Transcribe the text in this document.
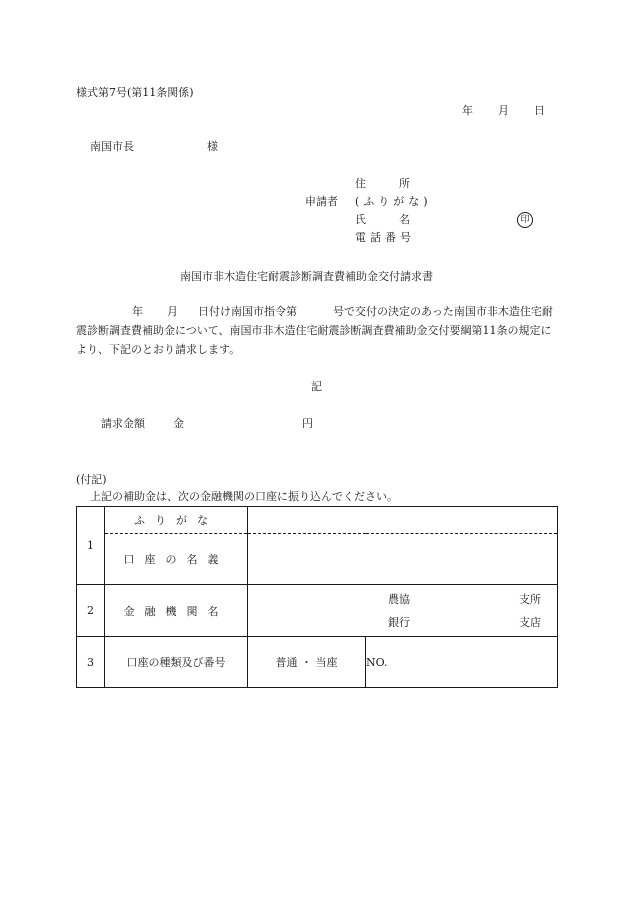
様式第7号(第11条関係)
年 月 日
南国市長	様
申請者
住　　　所
(ふりがな)
氏　　　名
電話番号
印
南国市非木造住宅耐震診断調査費補助金交付請求書
年 月 日付け南国市指令第	号で交付の決定のあった南国市非木造住宅耐震診断調査費補助金について、南国市非木造住宅耐震診断調査費補助金交付要綱第11条の規定により、下記のとおり請求します。
記
請求金額	金	円
(付記)
上記の補助金は、次の金融機関の口座に振り込んでください。
1	ふりがな		
	口座の名義		
2	金融機関名	農協 支所
銀行 支店	

3	口座の種類及び番号	普通 ・ 当座	NO.
